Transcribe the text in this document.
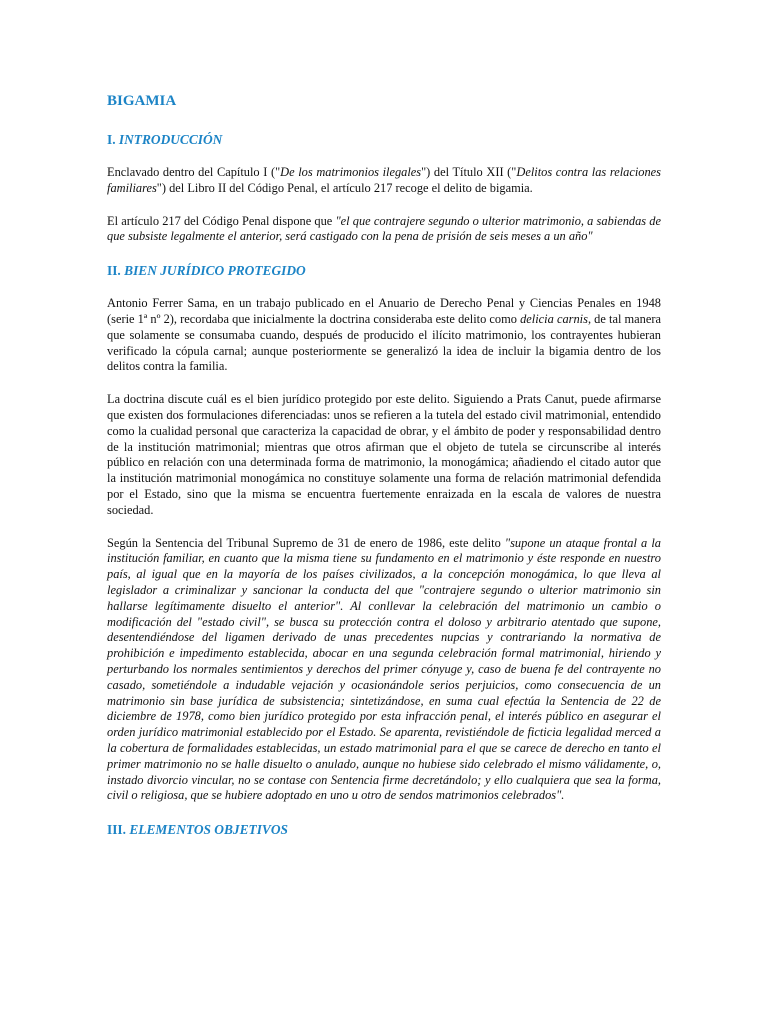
BIGAMIA
I. INTRODUCCIÓN

Enclavado dentro del Capítulo I ("De los matrimonios ilegales") del Título XII ("Delitos contra las relaciones familiares") del Libro II del Código Penal, el artículo 217 recoge el delito de bigamia.

El artículo 217 del Código Penal dispone que "el que contrajere segundo o ulterior matrimonio, a sabiendas de que subsiste legalmente el anterior, será castigado con la pena de prisión de seis meses a un año"

II. BIEN JURÍDICO PROTEGIDO

Antonio Ferrer Sama, en un trabajo publicado en el Anuario de Derecho Penal y Ciencias Penales en 1948 (serie 1ª nº 2), recordaba que inicialmente la doctrina consideraba este delito como delicia carnis, de tal manera que solamente se consumaba cuando, después de producido el ilícito matrimonio, los contrayentes hubieran verificado la cópula carnal; aunque posteriormente se generalizó la idea de incluir la bigamia dentro de los delitos contra la familia.

La doctrina discute cuál es el bien jurídico protegido por este delito. Siguiendo a Prats Canut, puede afirmarse que existen dos formulaciones diferenciadas: unos se refieren a la tutela del estado civil matrimonial, entendido como la cualidad personal que caracteriza la capacidad de obrar, y el ámbito de poder y responsabilidad dentro de la institución matrimonial; mientras que otros afirman que el objeto de tutela se circunscribe al interés público en relación con una determinada forma de matrimonio, la monogámica; añadiendo el citado autor que la institución matrimonial monogámica no constituye solamente una forma de relación matrimonial defendida por el Estado, sino que la misma se encuentra fuertemente enraizada en la escala de valores de nuestra sociedad.

Según la Sentencia del Tribunal Supremo de 31 de enero de 1986, este delito "supone un ataque frontal a la institución familiar, en cuanto que la misma tiene su fundamento en el matrimonio y éste responde en nuestro país, al igual que en la mayoría de los países civilizados, a la concepción monogámica, lo que lleva al legislador a criminalizar y sancionar la conducta del que "contrajere segundo o ulterior matrimonio sin hallarse legítimamente disuelto el anterior". Al conllevar la celebración del matrimonio un cambio o modificación del "estado civil", se busca su protección contra el doloso y arbitrario atentado que supone, desentendiéndose del ligamen derivado de unas precedentes nupcias y contrariando la normativa de prohibición e impedimento establecida, abocar en una segunda celebración formal matrimonial, hiriendo y perturbando los normales sentimientos y derechos del primer cónyuge y, caso de buena fe del contrayente no casado, sometiéndole a indudable vejación y ocasionándole serios perjuicios, como consecuencia de un matrimonio sin base jurídica de subsistencia; sintetizándose, en suma cual efectúa la Sentencia de 22 de diciembre de 1978, como bien jurídico protegido por esta infracción penal, el interés público en asegurar el orden jurídico matrimonial establecido por el Estado. Se aparenta, revistiéndole de ficticia legalidad merced a la cobertura de formalidades establecidas, un estado matrimonial para el que se carece de derecho en tanto el primer matrimonio no se halle disuelto o anulado, aunque no hubiese sido celebrado el mismo válidamente, o, instado divorcio vincular, no se contase con Sentencia firme decretándolo; y ello cualquiera que sea la forma, civil o religiosa, que se hubiere adoptado en uno u otro de sendos matrimonios celebrados".

III. ELEMENTOS OBJETIVOS
